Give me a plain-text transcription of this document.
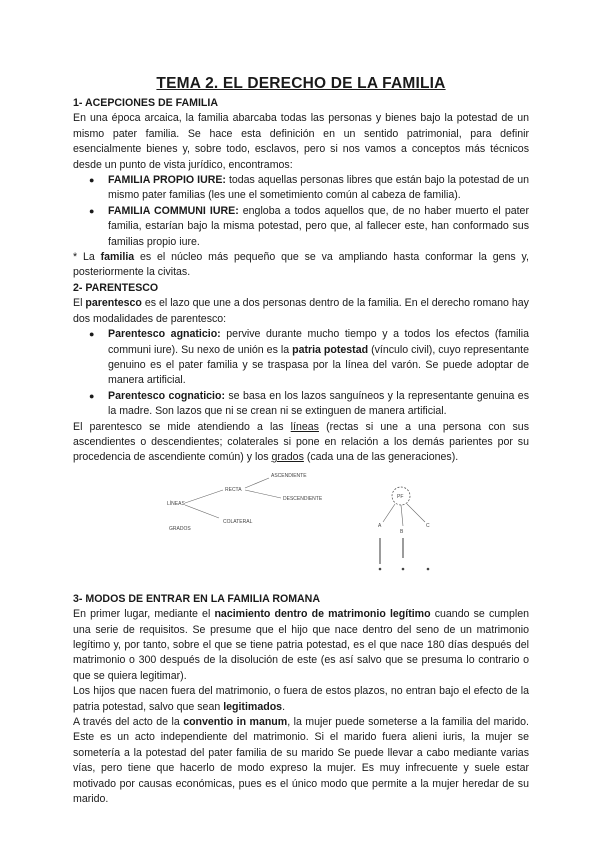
TEMA 2. EL DERECHO DE LA FAMILIA
1- ACEPCIONES DE FAMILIA

En una época arcaica, la familia abarcaba todas las personas y bienes bajo la potestad de un mismo pater familia. Se hace esta definición en un sentido patrimonial, para definir esencialmente bienes y, sobre todo, esclavos, pero si nos vamos a conceptos más técnicos desde un punto de vista jurídico, encontramos:

● FAMILIA PROPIO IURE: todas aquellas personas libres que están bajo la potestad de un mismo pater familias (les une el sometimiento común al cabeza de familia).
● FAMILIA COMMUNI IURE: engloba a todos aquellos que, de no haber muerto el pater familia, estarían bajo la misma potestad, pero que, al fallecer este, han conformado sus familias propio iure.

* La familia es el núcleo más pequeño que se va ampliando hasta conformar la gens y, posteriormente la civitas.

2- PARENTESCO

El parentesco es el lazo que une a dos personas dentro de la familia. En el derecho romano hay dos modalidades de parentesco:

● Parentesco agnaticio: pervive durante mucho tiempo y a todos los efectos (familia communi iure). Su nexo de unión es la patria potestad (vínculo civil), cuyo representante genuino es el pater familia y se traspasa por la línea del varón. Se puede adoptar de manera artificial.
● Parentesco cognaticio: se basa en los lazos sanguíneos y la representante genuina es la madre. Son lazos que ni se crean ni se extinguen de manera artificial.

El parentesco se mide atendiendo a las líneas (rectas si une a una persona con sus ascendientes o descendientes; colaterales si pone en relación a los demás parientes por su procedencia de ascendiente común) y los grados (cada una de las generaciones).

LÍNEAS
RECTA
ASCENDIENTE
DESCENDIENTE
COLATERAL
GRADOS
PF
A
B
C
3- MODOS DE ENTRAR EN LA FAMILIA ROMANA

En primer lugar, mediante el nacimiento dentro de matrimonio legítimo cuando se cumplen una serie de requisitos. Se presume que el hijo que nace dentro del seno de un matrimonio legítimo y, por tanto, sobre el que se tiene patria potestad, es el que nace 180 días después del matrimonio o 300 después de la disolución de este (es así salvo que se presuma lo contrario o que se quiera legitimar).

Los hijos que nacen fuera del matrimonio, o fuera de estos plazos, no entran bajo el efecto de la patria potestad, salvo que sean legitimados.

A través del acto de la conventio in manum, la mujer puede someterse a la familia del marido. Este es un acto independiente del matrimonio. Si el marido fuera alieni iuris, la mujer se sometería a la potestad del pater familia de su marido Se puede llevar a cabo mediante varias vías, pero tiene que hacerlo de modo expreso la mujer. Es muy infrecuente y suele estar motivado por causas económicas, pues es el único modo que permite a la mujer heredar de su marido.
